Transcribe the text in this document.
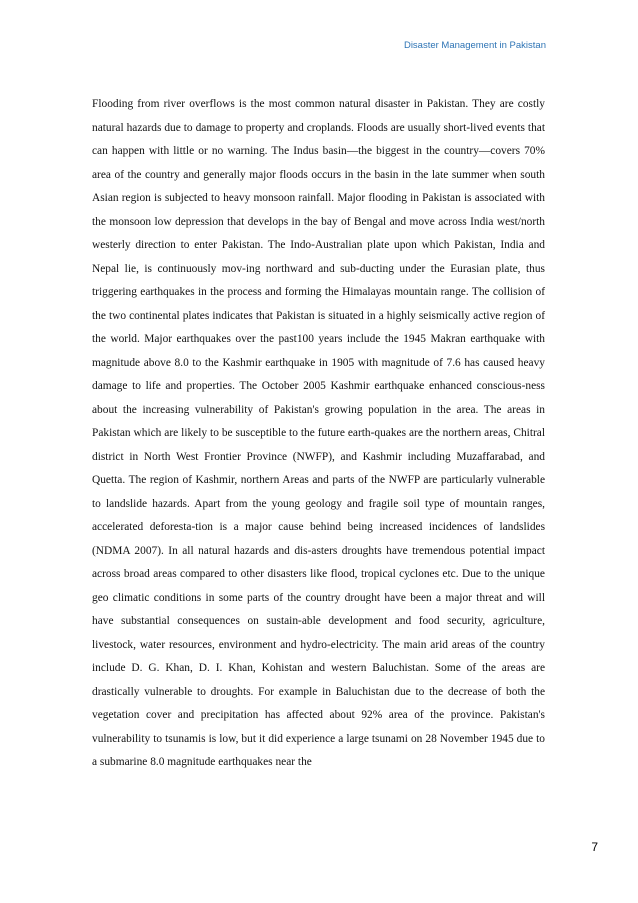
Disaster Management in Pakistan

Flooding from river overflows is the most common natural disaster in Pakistan. They are costly natural hazards due to damage to property and croplands. Floods are usually short-lived events that can happen with little or no warning. The Indus basin—the biggest in the country—covers 70% area of the country and generally major floods occurs in the basin in the late summer when south Asian region is subjected to heavy monsoon rainfall. Major flooding in Pakistan is associated with the monsoon low depression that develops in the bay of Bengal and move across India west/north westerly direction to enter Pakistan. The Indo-Australian plate upon which Pakistan, India and Nepal lie, is continuously mov-ing northward and sub-ducting under the Eurasian plate, thus triggering earthquakes in the process and forming the Himalayas mountain range. The collision of the two continental plates indicates that Pakistan is situated in a highly seismically active region of the world. Major earthquakes over the past100 years include the 1945 Makran earthquake with magnitude above 8.0 to the Kashmir earthquake in 1905 with magnitude of 7.6 has caused heavy damage to life and properties. The October 2005 Kashmir earthquake enhanced conscious-ness about the increasing vulnerability of Pakistan's growing population in the area. The areas in Pakistan which are likely to be susceptible to the future earth-quakes are the northern areas, Chitral district in North West Frontier Province (NWFP), and Kashmir including Muzaffarabad, and Quetta. The region of Kashmir, northern Areas and parts of the NWFP are particularly vulnerable to landslide hazards. Apart from the young geology and fragile soil type of mountain ranges, accelerated deforesta-tion is a major cause behind being increased incidences of landslides (NDMA 2007). In all natural hazards and dis-asters droughts have tremendous potential impact across broad areas compared to other disasters like flood, tropical cyclones etc. Due to the unique geo climatic conditions in some parts of the country drought have been a major threat and will have substantial consequences on sustain-able development and food security, agriculture, livestock, water resources, environment and hydro-electricity. The main arid areas of the country include D. G. Khan, D. I. Khan, Kohistan and western Baluchistan. Some of the areas are drastically vulnerable to droughts. For example in Baluchistan due to the decrease of both the vegetation cover and precipitation has affected about 92% area of the province. Pakistan's vulnerability to tsunamis is low, but it did experience a large tsunami on 28 November 1945 due to a submarine 8.0 magnitude earthquakes near the

7
